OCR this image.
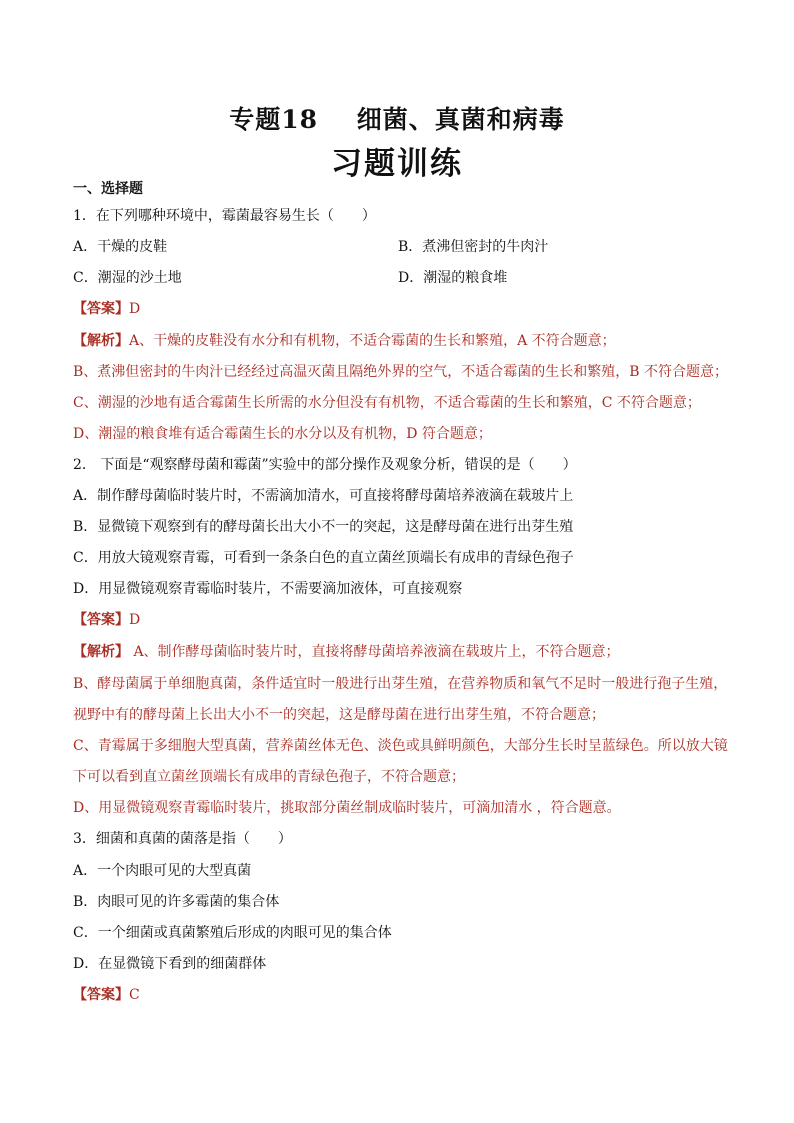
专题18    细菌、真菌和病毒
习题训练
一、选择题
1．在下列哪种环境中，霉菌最容易生长（　　）
A．干燥的皮鞋	B．煮沸但密封的牛肉汁
C．潮湿的沙土地	D．潮湿的粮食堆
【答案】D
【解析】A、干燥的皮鞋没有水分和有机物，不适合霉菌的生长和繁殖，A 不符合题意；
B、煮沸但密封的牛肉汁已经经过高温灭菌且隔绝外界的空气，不适合霉菌的生长和繁殖，B 不符合题意；
C、潮湿的沙地有适合霉菌生长所需的水分但没有有机物，不适合霉菌的生长和繁殖，C 不符合题意；
D、潮湿的粮食堆有适合霉菌生长的水分以及有机物，D 符合题意；
2． 下面是“观察酵母菌和霉菌”实验中的部分操作及观象分析，错误的是（　　）
A．制作酵母菌临时装片时，不需滴加清水，可直接将酵母菌培养液滴在载玻片上
B．显微镜下观察到有的酵母菌长出大小不一的突起，这是酵母菌在进行出芽生殖
C．用放大镜观察青霉，可看到一条条白色的直立菌丝顶端长有成串的青绿色孢子
D．用显微镜观察青霉临时装片，不需要滴加液体，可直接观察
【答案】D
【解析】 A、制作酵母菌临时装片时，直接将酵母菌培养液滴在载玻片上，不符合题意；
B、酵母菌属于单细胞真菌，条件适宜时一般进行出芽生殖，在营养物质和氧气不足时一般进行孢子生殖，
视野中有的酵母菌上长出大小不一的突起，这是酵母菌在进行出芽生殖，不符合题意；
C、青霉属于多细胞大型真菌，营养菌丝体无色、淡色或具鲜明颜色，大部分生长时呈蓝绿色。所以放大镜
下可以看到直立菌丝顶端长有成串的青绿色孢子，不符合题意；
D、用显微镜观察青霉临时装片，挑取部分菌丝制成临时装片，可滴加清水 ，符合题意。
3．细菌和真菌的菌落是指（　　）
A．一个肉眼可见的大型真菌
B．肉眼可见的许多霉菌的集合体
C．一个细菌或真菌繁殖后形成的肉眼可见的集合体
D．在显微镜下看到的细菌群体
【答案】C
